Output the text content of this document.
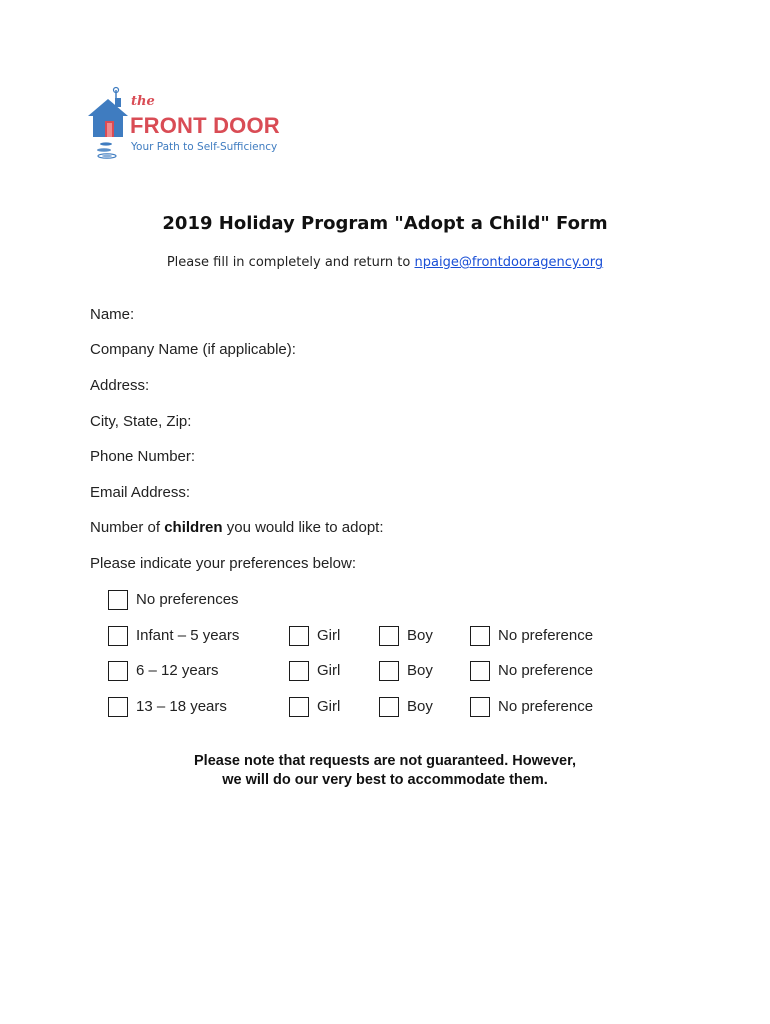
the
FRONT DOOR
Your Path to Self-Sufficiency
2019 Holiday Program "Adopt a Child" Form
Please fill in completely and return to npaige@frontdooragency.org
Name:
Company Name (if applicable):
Address:
City, State, Zip:
Phone Number:
Email Address:
Number of children you would like to adopt:
Please indicate your preferences below:
No preferences
Infant – 5 years	Girl	Boy	No preference
6 – 12 years	Girl	Boy	No preference
13 – 18 years	Girl	Boy	No preference
Please note that requests are not guaranteed. However,
we will do our very best to accommodate them.
